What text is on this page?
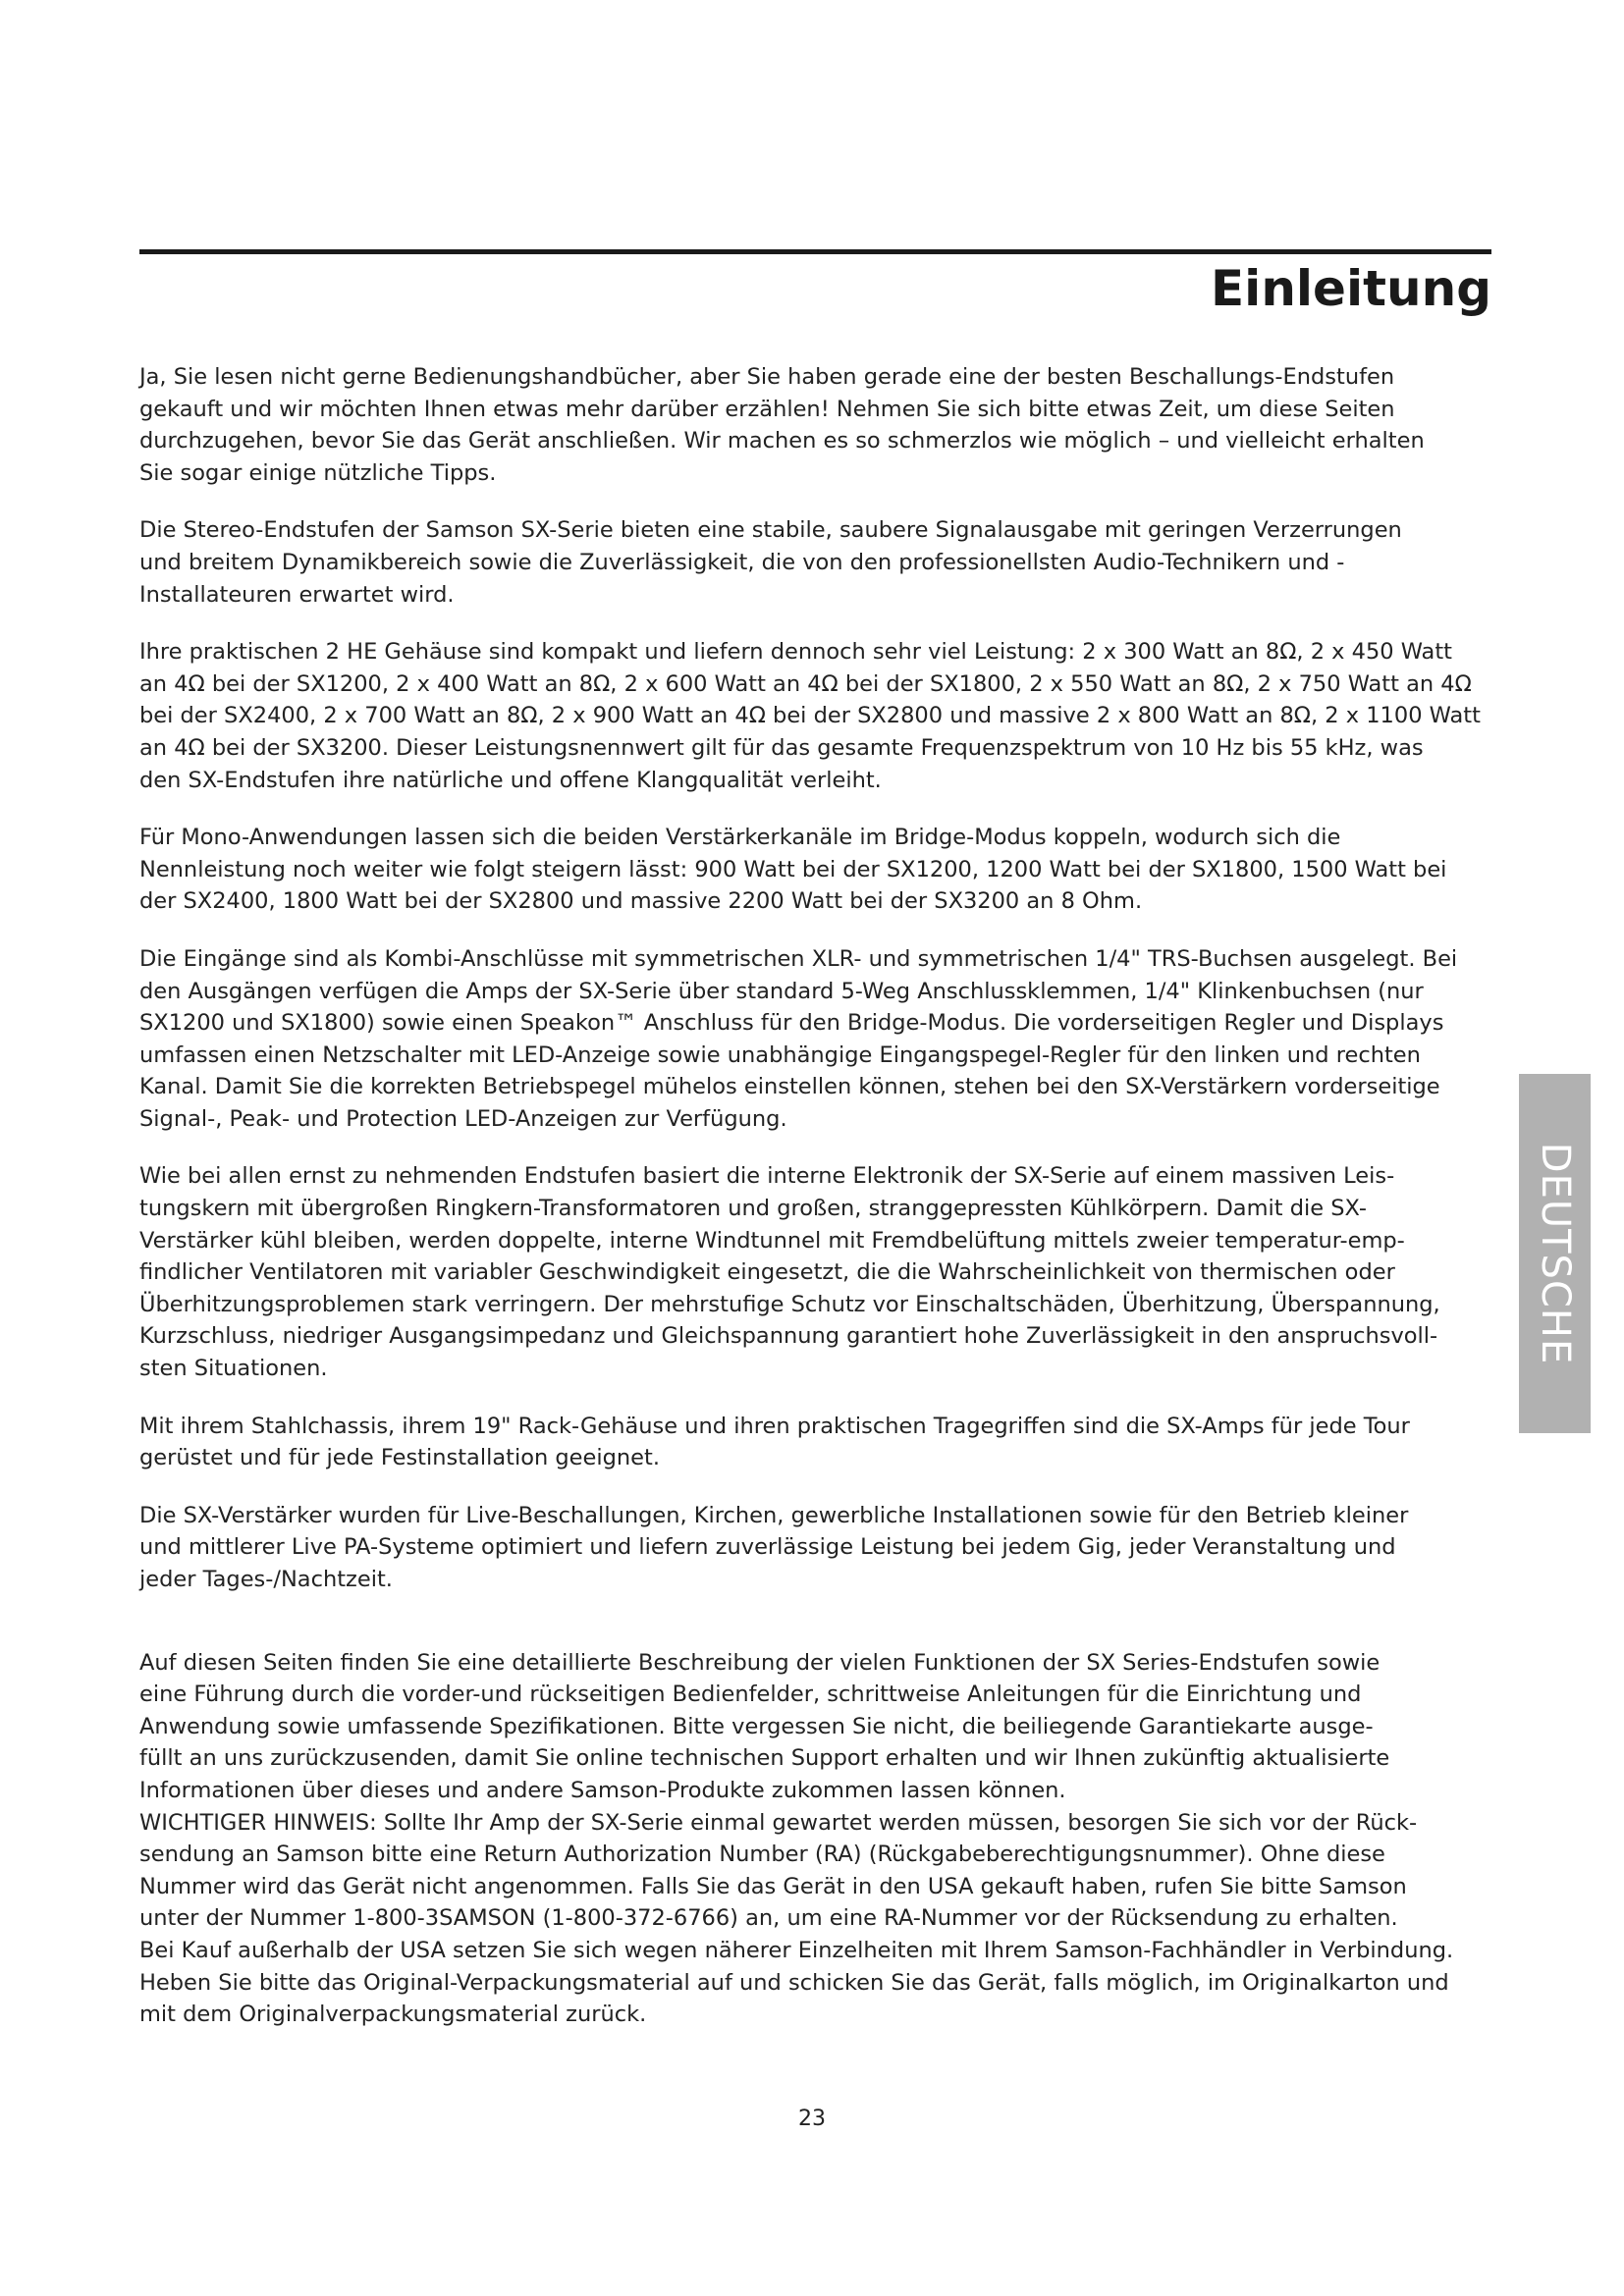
Einleitung

Ja, Sie lesen nicht gerne Bedienungshandbücher, aber Sie haben gerade eine der besten Beschallungs-Endstufen
gekauft und wir möchten Ihnen etwas mehr darüber erzählen! Nehmen Sie sich bitte etwas Zeit, um diese Seiten
durchzugehen, bevor Sie das Gerät anschließen. Wir machen es so schmerzlos wie möglich – und vielleicht erhalten
Sie sogar einige nützliche Tipps.

Die Stereo-Endstufen der Samson SX-Serie bieten eine stabile, saubere Signalausgabe mit geringen Verzerrungen
und breitem Dynamikbereich sowie die Zuverlässigkeit, die von den professionellsten Audio-Technikern und -
Installateuren erwartet wird.

Ihre praktischen 2 HE Gehäuse sind kompakt und liefern dennoch sehr viel Leistung: 2 x 300 Watt an 8Ω, 2 x 450 Watt
an 4Ω bei der SX1200, 2 x 400 Watt an 8Ω, 2 x 600 Watt an 4Ω bei der SX1800, 2 x 550 Watt an 8Ω, 2 x 750 Watt an 4Ω
bei der SX2400, 2 x 700 Watt an 8Ω, 2 x 900 Watt an 4Ω bei der SX2800 und massive 2 x 800 Watt an 8Ω, 2 x 1100 Watt
an 4Ω bei der SX3200. Dieser Leistungsnennwert gilt für das gesamte Frequenzspektrum von 10 Hz bis 55 kHz, was
den SX-Endstufen ihre natürliche und offene Klangqualität verleiht.

Für Mono-Anwendungen lassen sich die beiden Verstärkerkanäle im Bridge-Modus koppeln, wodurch sich die
Nennleistung noch weiter wie folgt steigern lässt: 900 Watt bei der SX1200, 1200 Watt bei der SX1800, 1500 Watt bei
der SX2400, 1800 Watt bei der SX2800 und massive 2200 Watt bei der SX3200 an 8 Ohm.

Die Eingänge sind als Kombi-Anschlüsse mit symmetrischen XLR- und symmetrischen 1/4" TRS-Buchsen ausgelegt. Bei
den Ausgängen verfügen die Amps der SX-Serie über standard 5-Weg Anschlussklemmen, 1/4" Klinkenbuchsen (nur
SX1200 und SX1800) sowie einen Speakon™ Anschluss für den Bridge-Modus. Die vorderseitigen Regler und Displays
umfassen einen Netzschalter mit LED-Anzeige sowie unabhängige Eingangspegel-Regler für den linken und rechten
Kanal. Damit Sie die korrekten Betriebspegel mühelos einstellen können, stehen bei den SX-Verstärkern vorderseitige
Signal-, Peak- und Protection LED-Anzeigen zur Verfügung.

Wie bei allen ernst zu nehmenden Endstufen basiert die interne Elektronik der SX-Serie auf einem massiven Leis-
tungskern mit übergroßen Ringkern-Transformatoren und großen, stranggepressten Kühlkörpern. Damit die SX-
Verstärker kühl bleiben, werden doppelte, interne Windtunnel mit Fremdbelüftung mittels zweier temperatur-emp-
findlicher Ventilatoren mit variabler Geschwindigkeit eingesetzt, die die Wahrscheinlichkeit von thermischen oder
Überhitzungsproblemen stark verringern. Der mehrstufige Schutz vor Einschaltschäden, Überhitzung, Überspannung,
Kurzschluss, niedriger Ausgangsimpedanz und Gleichspannung garantiert hohe Zuverlässigkeit in den anspruchsvoll-
sten Situationen.

Mit ihrem Stahlchassis, ihrem 19" Rack-Gehäuse und ihren praktischen Tragegriffen sind die SX-Amps für jede Tour
gerüstet und für jede Festinstallation geeignet.

Die SX-Verstärker wurden für Live-Beschallungen, Kirchen, gewerbliche Installationen sowie für den Betrieb kleiner
und mittlerer Live PA-Systeme optimiert und liefern zuverlässige Leistung bei jedem Gig, jeder Veranstaltung und
jeder Tages-/Nachtzeit.

Auf diesen Seiten finden Sie eine detaillierte Beschreibung der vielen Funktionen der SX Series-Endstufen sowie
eine Führung durch die vorder-und rückseitigen Bedienfelder, schrittweise Anleitungen für die Einrichtung und
Anwendung sowie umfassende Spezifikationen. Bitte vergessen Sie nicht, die beiliegende Garantiekarte ausge-
füllt an uns zurückzusenden, damit Sie online technischen Support erhalten und wir Ihnen zukünftig aktualisierte
Informationen über dieses und andere Samson-Produkte zukommen lassen können.

WICHTIGER HINWEIS: Sollte Ihr Amp der SX-Serie einmal gewartet werden müssen, besorgen Sie sich vor der Rück-
sendung an Samson bitte eine Return Authorization Number (RA) (Rückgabeberechtigungsnummer). Ohne diese
Nummer wird das Gerät nicht angenommen. Falls Sie das Gerät in den USA gekauft haben, rufen Sie bitte Samson
unter der Nummer 1-800-3SAMSON (1-800-372-6766) an, um eine RA-Nummer vor der Rücksendung zu erhalten.

Bei Kauf außerhalb der USA setzen Sie sich wegen näherer Einzelheiten mit Ihrem Samson-Fachhändler in Verbindung.
Heben Sie bitte das Original-Verpackungsmaterial auf und schicken Sie das Gerät, falls möglich, im Originalkarton und
mit dem Originalverpackungsmaterial zurück.

DEUTSCHE
23
